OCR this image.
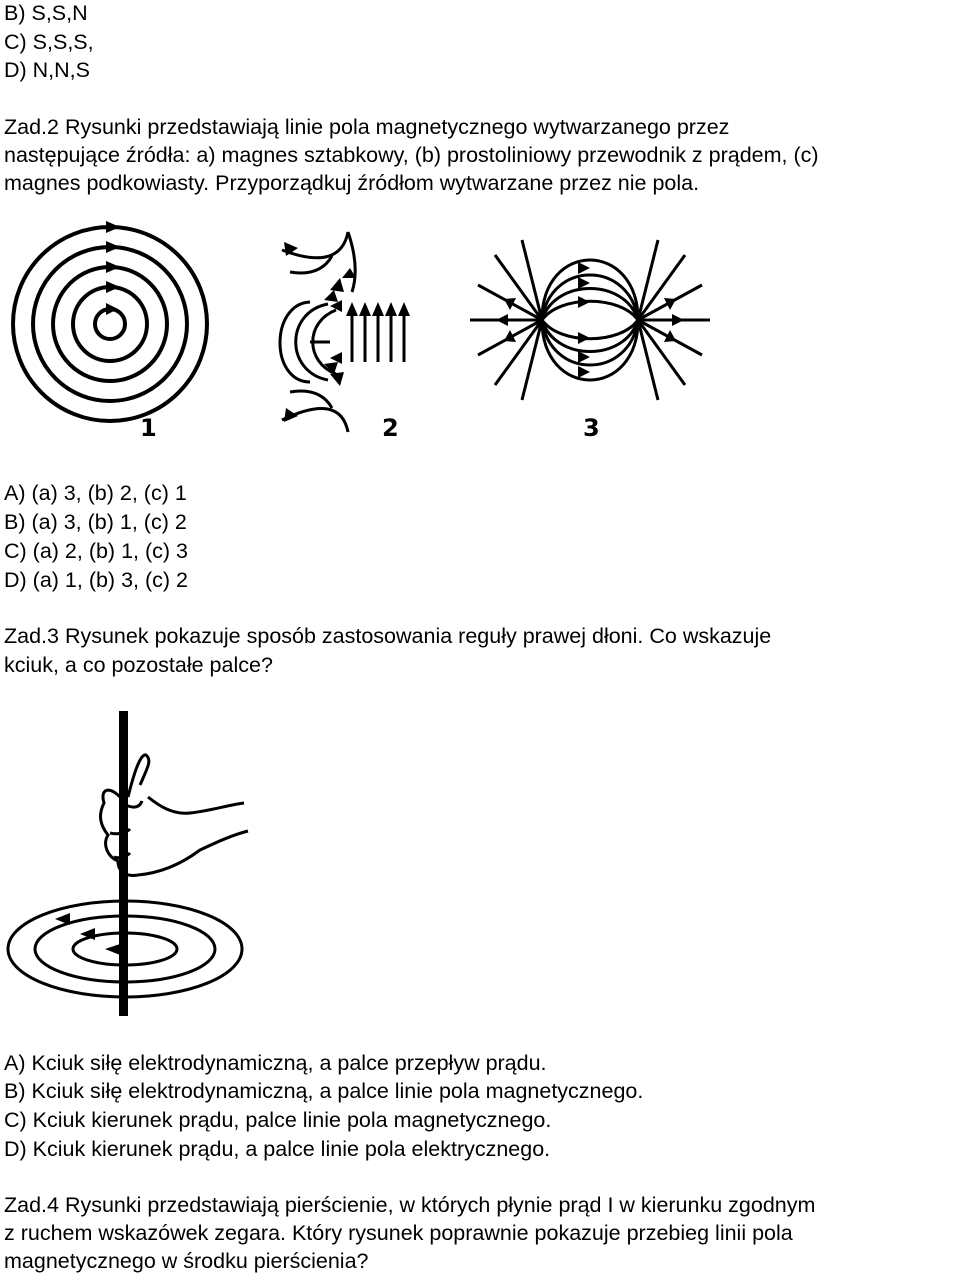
B) S,S,N
C) S,S,S,
D) N,N,S
Zad.2 Rysunki przedstawiają linie pola magnetycznego wytwarzanego przez
następujące źródła: a) magnes sztabkowy, (b) prostoliniowy przewodnik z prądem, (c)
magnes podkowiasty. Przyporządkuj źródłom wytwarzane przez nie pola.
1	2	3
A) (a) 3, (b) 2, (c) 1
B) (a) 3, (b) 1, (c) 2
C) (a) 2, (b) 1, (c) 3
D) (a) 1, (b) 3, (c) 2
Zad.3 Rysunek pokazuje sposób zastosowania reguły prawej dłoni. Co wskazuje
kciuk, a co pozostałe palce?
A) Kciuk siłę elektrodynamiczną, a palce przepływ prądu.
B) Kciuk siłę elektrodynamiczną, a palce linie pola magnetycznego.
C) Kciuk kierunek prądu, palce linie pola magnetycznego.
D) Kciuk kierunek prądu, a palce linie pola elektrycznego.
Zad.4 Rysunki przedstawiają pierścienie, w których płynie prąd I w kierunku zgodnym
z ruchem wskazówek zegara. Który rysunek poprawnie pokazuje przebieg linii pola
magnetycznego w środku pierścienia?
